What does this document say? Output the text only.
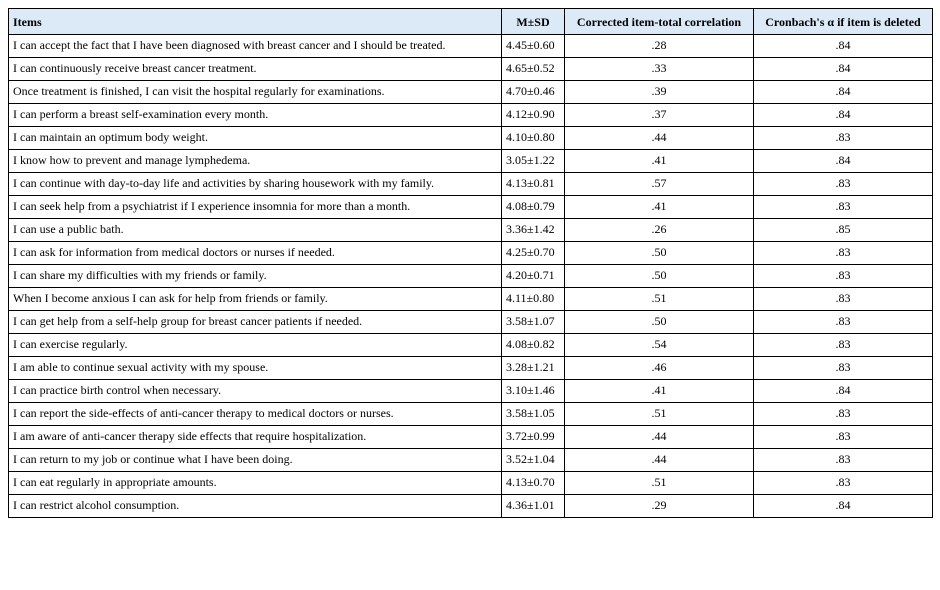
Items	M±SD	Corrected item-total correlation	Cronbach's α if item is deleted
I can accept the fact that I have been diagnosed with breast cancer and I should be treated.	4.45±0.60	.28	.84
I can continuously receive breast cancer treatment.	4.65±0.52	.33	.84
Once treatment is finished, I can visit the hospital regularly for examinations.	4.70±0.46	.39	.84
I can perform a breast self-examination every month.	4.12±0.90	.37	.84
I can maintain an optimum body weight.	4.10±0.80	.44	.83
I know how to prevent and manage lymphedema.	3.05±1.22	.41	.84
I can continue with day-to-day life and activities by sharing housework with my family.	4.13±0.81	.57	.83
I can seek help from a psychiatrist if I experience insomnia for more than a month.	4.08±0.79	.41	.83
I can use a public bath.	3.36±1.42	.26	.85
I can ask for information from medical doctors or nurses if needed.	4.25±0.70	.50	.83
I can share my difficulties with my friends or family.	4.20±0.71	.50	.83
When I become anxious I can ask for help from friends or family.	4.11±0.80	.51	.83
I can get help from a self-help group for breast cancer patients if needed.	3.58±1.07	.50	.83
I can exercise regularly.	4.08±0.82	.54	.83
I am able to continue sexual activity with my spouse.	3.28±1.21	.46	.83
I can practice birth control when necessary.	3.10±1.46	.41	.84
I can report the side-effects of anti-cancer therapy to medical doctors or nurses.	3.58±1.05	.51	.83
I am aware of anti-cancer therapy side effects that require hospitalization.	3.72±0.99	.44	.83
I can return to my job or continue what I have been doing.	3.52±1.04	.44	.83
I can eat regularly in appropriate amounts.	4.13±0.70	.51	.83
I can restrict alcohol consumption.	4.36±1.01	.29	.84
